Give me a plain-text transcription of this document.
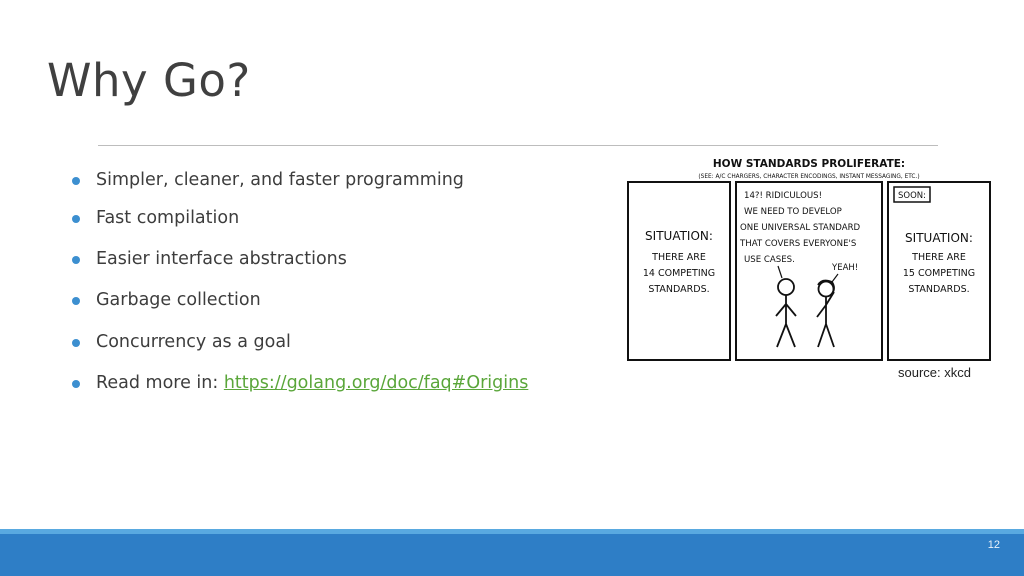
Why Go?
Simpler, cleaner, and faster programming
Fast compilation
Easier interface abstractions
Garbage collection
Concurrency as a goal
Read more in: https://golang.org/doc/faq#Origins
HOW STANDARDS PROLIFERATE:
(SEE: A/C CHARGERS, CHARACTER ENCODINGS, INSTANT MESSAGING, ETC.)
SITUATION:
THERE ARE
14 COMPETING
STANDARDS.
14?! RIDICULOUS!
WE NEED TO DEVELOP
ONE UNIVERSAL STANDARD
THAT COVERS EVERYONE'S
USE CASES.
YEAH!
SOON:
SITUATION:
THERE ARE
15 COMPETING
STANDARDS.
source: xkcd
12
